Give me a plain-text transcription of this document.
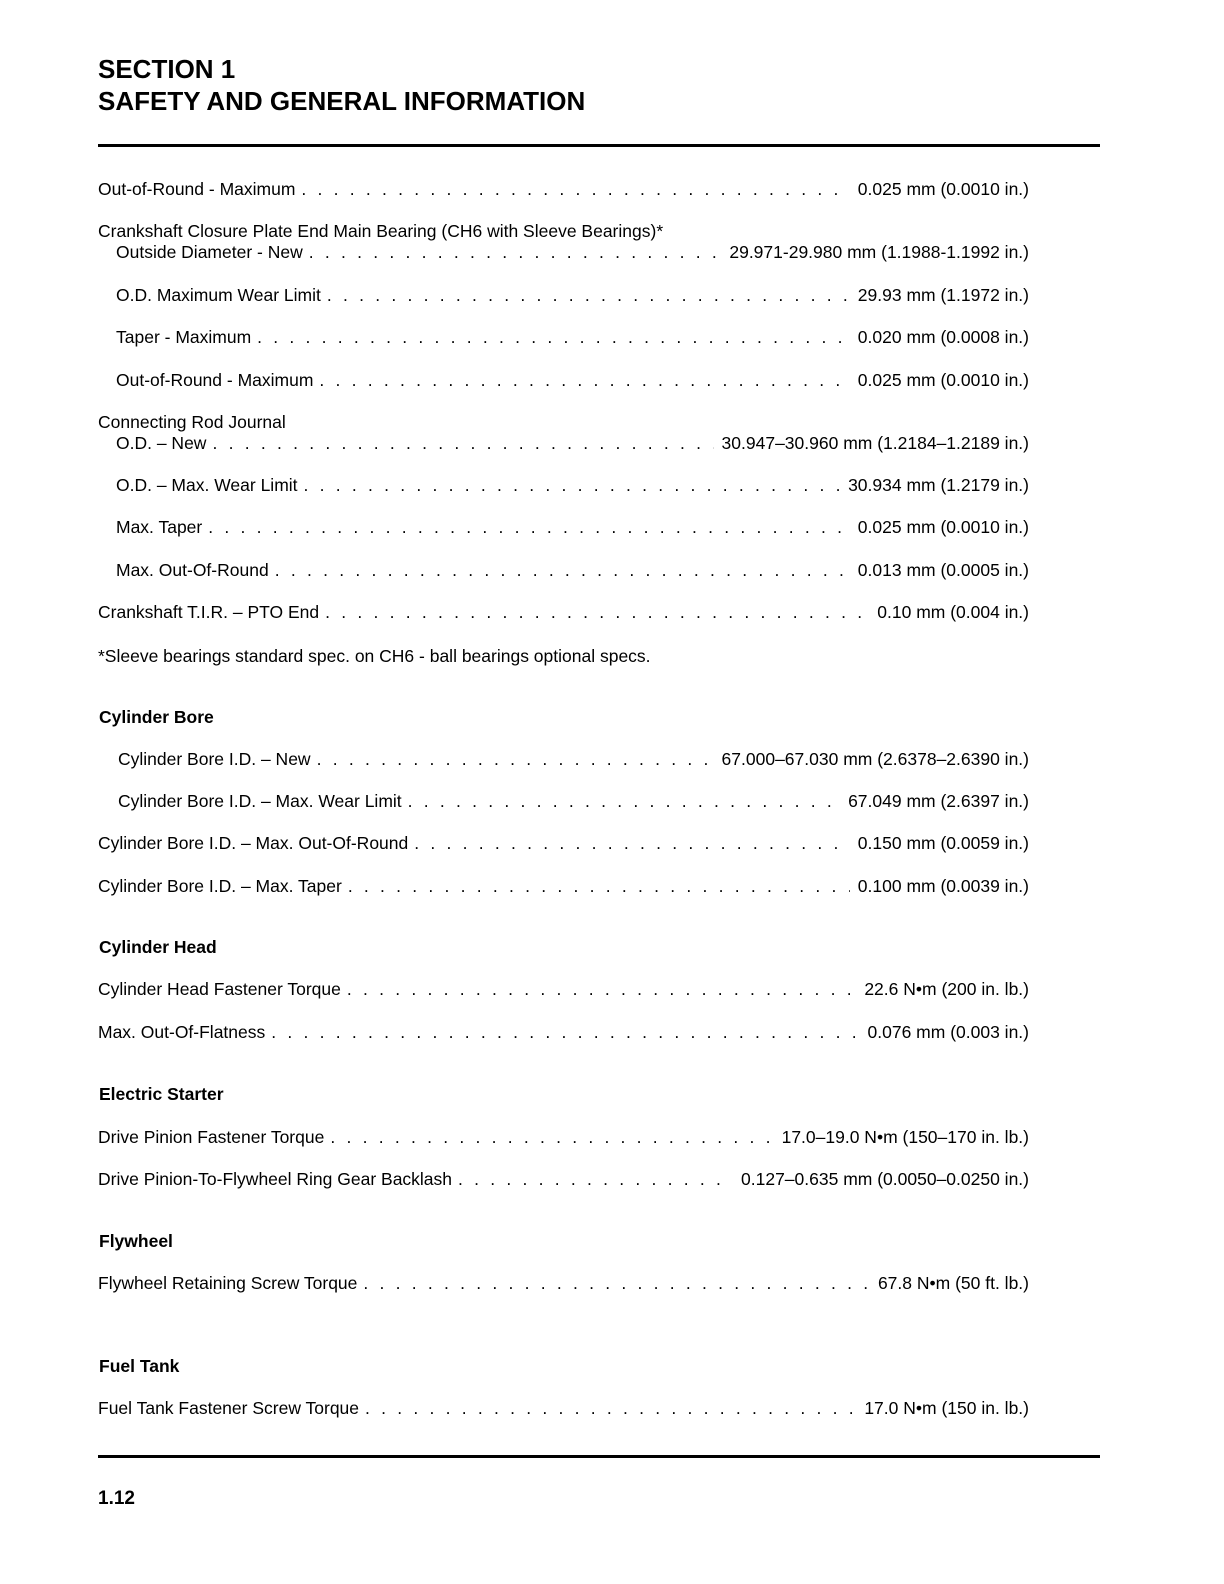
SECTION 1
SAFETY AND GENERAL INFORMATION
Out-of-Round - Maximum . . .	0.025 mm (0.0010 in.)
Crankshaft Closure Plate End Main Bearing (CH6 with Sleeve Bearings)*
Outside Diameter - New . . .	29.971-29.980 mm (1.1988-1.1992 in.)
O.D. Maximum Wear Limit . . .	29.93 mm (1.1972 in.)
Taper - Maximum . . .	0.020 mm (0.0008 in.)
Out-of-Round - Maximum . . .	0.025 mm (0.0010 in.)
Connecting Rod Journal
O.D. – New . . .	30.947–30.960 mm (1.2184–1.2189 in.)
O.D. – Max. Wear Limit . . .	30.934 mm (1.2179 in.)
Max. Taper . . .	0.025 mm (0.0010 in.)
Max. Out-Of-Round . . .	0.013 mm (0.0005 in.)
Crankshaft T.I.R. – PTO End . . .	0.10 mm (0.004 in.)
*Sleeve bearings standard spec. on CH6 - ball bearings optional specs.
Cylinder Bore
Cylinder Bore I.D. – New . . .	67.000–67.030 mm (2.6378–2.6390 in.)
Cylinder Bore I.D. – Max. Wear Limit . . .	67.049 mm (2.6397 in.)
Cylinder Bore I.D. – Max. Out-Of-Round . . .	0.150 mm (0.0059 in.)
Cylinder Bore I.D. – Max. Taper . . .	0.100 mm (0.0039 in.)
Cylinder Head
Cylinder Head Fastener Torque . . .	22.6 N•m (200 in. lb.)
Max. Out-Of-Flatness . . .	0.076 mm (0.003 in.)
Electric Starter
Drive Pinion Fastener Torque . . .	17.0–19.0 N•m (150–170 in. lb.)
Drive Pinion-To-Flywheel Ring Gear Backlash . . .	0.127–0.635 mm (0.0050–0.0250 in.)
Flywheel
Flywheel Retaining Screw Torque . . .	67.8 N•m (50 ft. lb.)
Fuel Tank
Fuel Tank Fastener Screw Torque . . .	17.0 N•m (150 in. lb.)
1.12
